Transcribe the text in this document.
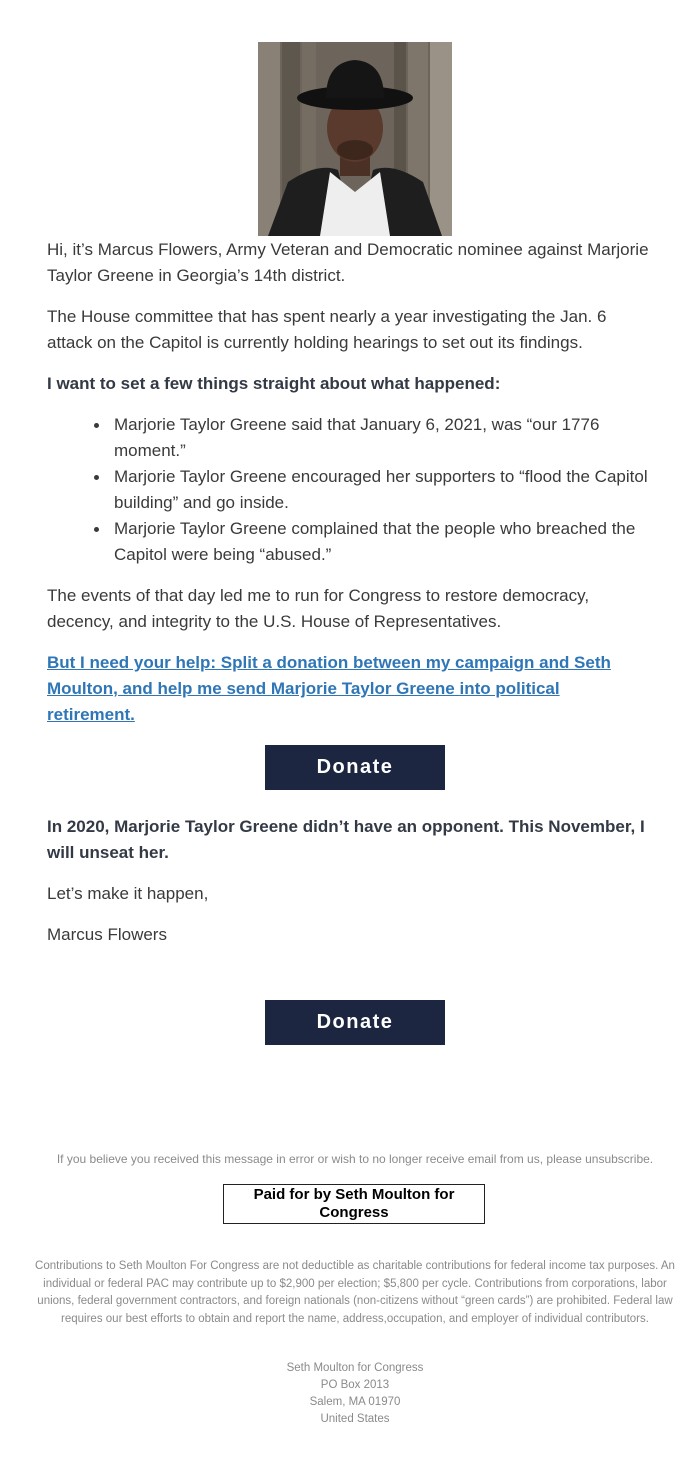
Hi, it’s Marcus Flowers, Army Veteran and Democratic nominee against Marjorie Taylor Greene in Georgia’s 14th district.

The House committee that has spent nearly a year investigating the Jan. 6 attack on the Capitol is currently holding hearings to set out its findings.

I want to set a few things straight about what happened:

Marjorie Taylor Greene said that January 6, 2021, was “our 1776 moment.”
Marjorie Taylor Greene encouraged her supporters to “flood the Capitol building” and go inside.
Marjorie Taylor Greene complained that the people who breached the Capitol were being “abused.”

The events of that day led me to run for Congress to restore democracy, decency, and integrity to the U.S. House of Representatives.

But I need your help: Split a donation between my campaign and Seth Moulton, and help me send Marjorie Taylor Greene into political retirement.

Donate

In 2020, Marjorie Taylor Greene didn’t have an opponent. This November, I will unseat her.

Let’s make it happen,

Marcus Flowers

Donate
If you believe you received this message in error or wish to no longer receive email from us, please unsubscribe.
Paid for by Seth Moulton for Congress
Contributions to Seth Moulton For Congress are not deductible as charitable contributions for federal income tax purposes. An individual or federal PAC may contribute up to $2,900 per election; $5,800 per cycle. Contributions from corporations, labor unions, federal government contractors, and foreign nationals (non-citizens without “green cards”) are prohibited. Federal law requires our best efforts to obtain and report the name, address,occupation, and employer of individual contributors.
Seth Moulton for Congress
PO Box 2013
Salem, MA 01970
United States
